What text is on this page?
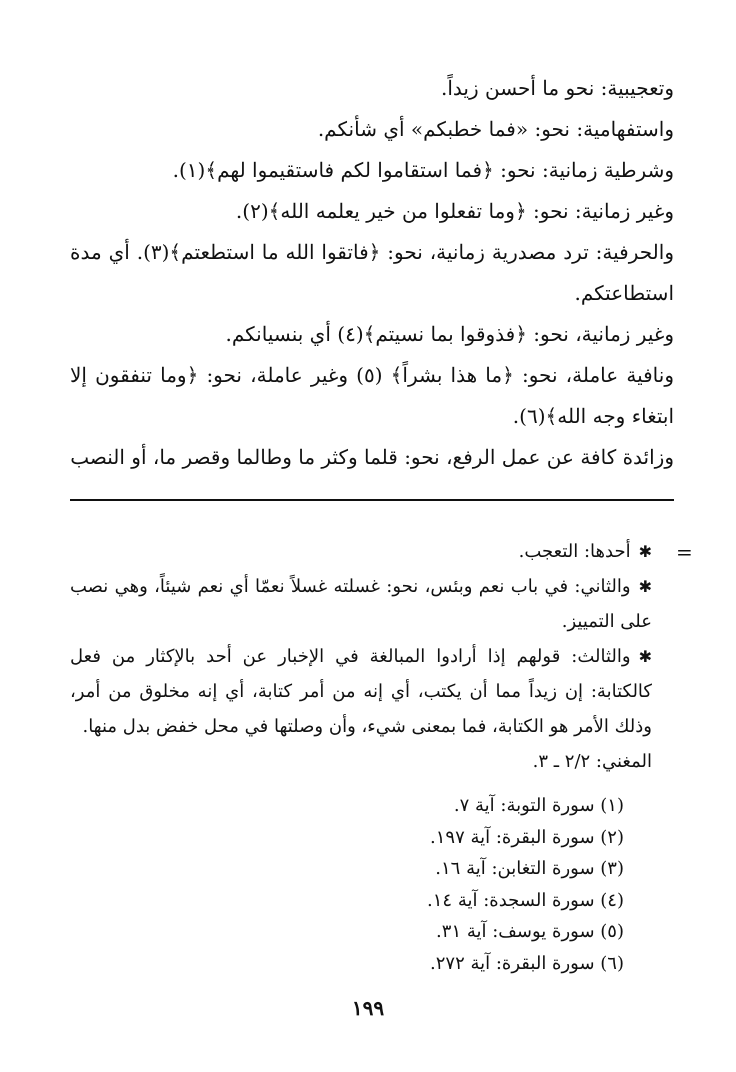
وتعجيبية: نحو ما أحسن زيداً.

واستفهامية: نحو: «فما خطبكم» أي شأنكم.

وشرطية زمانية: نحو: ﴿فما استقاموا لكم فاستقيموا لهم﴾(١).

وغير زمانية: نحو: ﴿وما تفعلوا من خير يعلمه الله﴾(٢).

والحرفية: ترد مصدرية زمانية، نحو: ﴿فاتقوا الله ما استطعتم﴾(٣). أي مدة استطاعتكم.

وغير زمانية، نحو: ﴿فذوقوا بما نسيتم﴾(٤) أي بنسيانكم.

ونافية عاملة، نحو: ﴿ما هذا بشراً﴾ (٥) وغير عاملة، نحو: ﴿وما تنفقون إلا ابتغاء وجه الله﴾(٦).

وزائدة كافة عن عمل الرفع، نحو: قلما وكثر ما وطالما وقصر ما، أو النصب

=

✱أحدها: التعجب.

✱والثاني: في باب نعم وبئس، نحو: غسلته غسلاً نعمّا أي نعم شيئاً، وهي نصب على التمييز.

✱والثالث: قولهم إذا أرادوا المبالغة في الإخبار عن أحد بالإكثار من فعل كالكتابة: إن زيداً مما أن يكتب، أي إنه من أمر كتابة، أي إنه مخلوق من أمر، وذلك الأمر هو الكتابة، فما بمعنى شيء، وأن وصلتها في محل خفض بدل منها.

المغني: ٢/٢ ـ ٣.

(١) سورة التوبة: آية ٧.

(٢) سورة البقرة: آية ١٩٧.

(٣) سورة التغابن: آية ١٦.

(٤) سورة السجدة: آية ١٤.

(٥) سورة يوسف: آية ٣١.

(٦) سورة البقرة: آية ٢٧٢.

١٩٩
